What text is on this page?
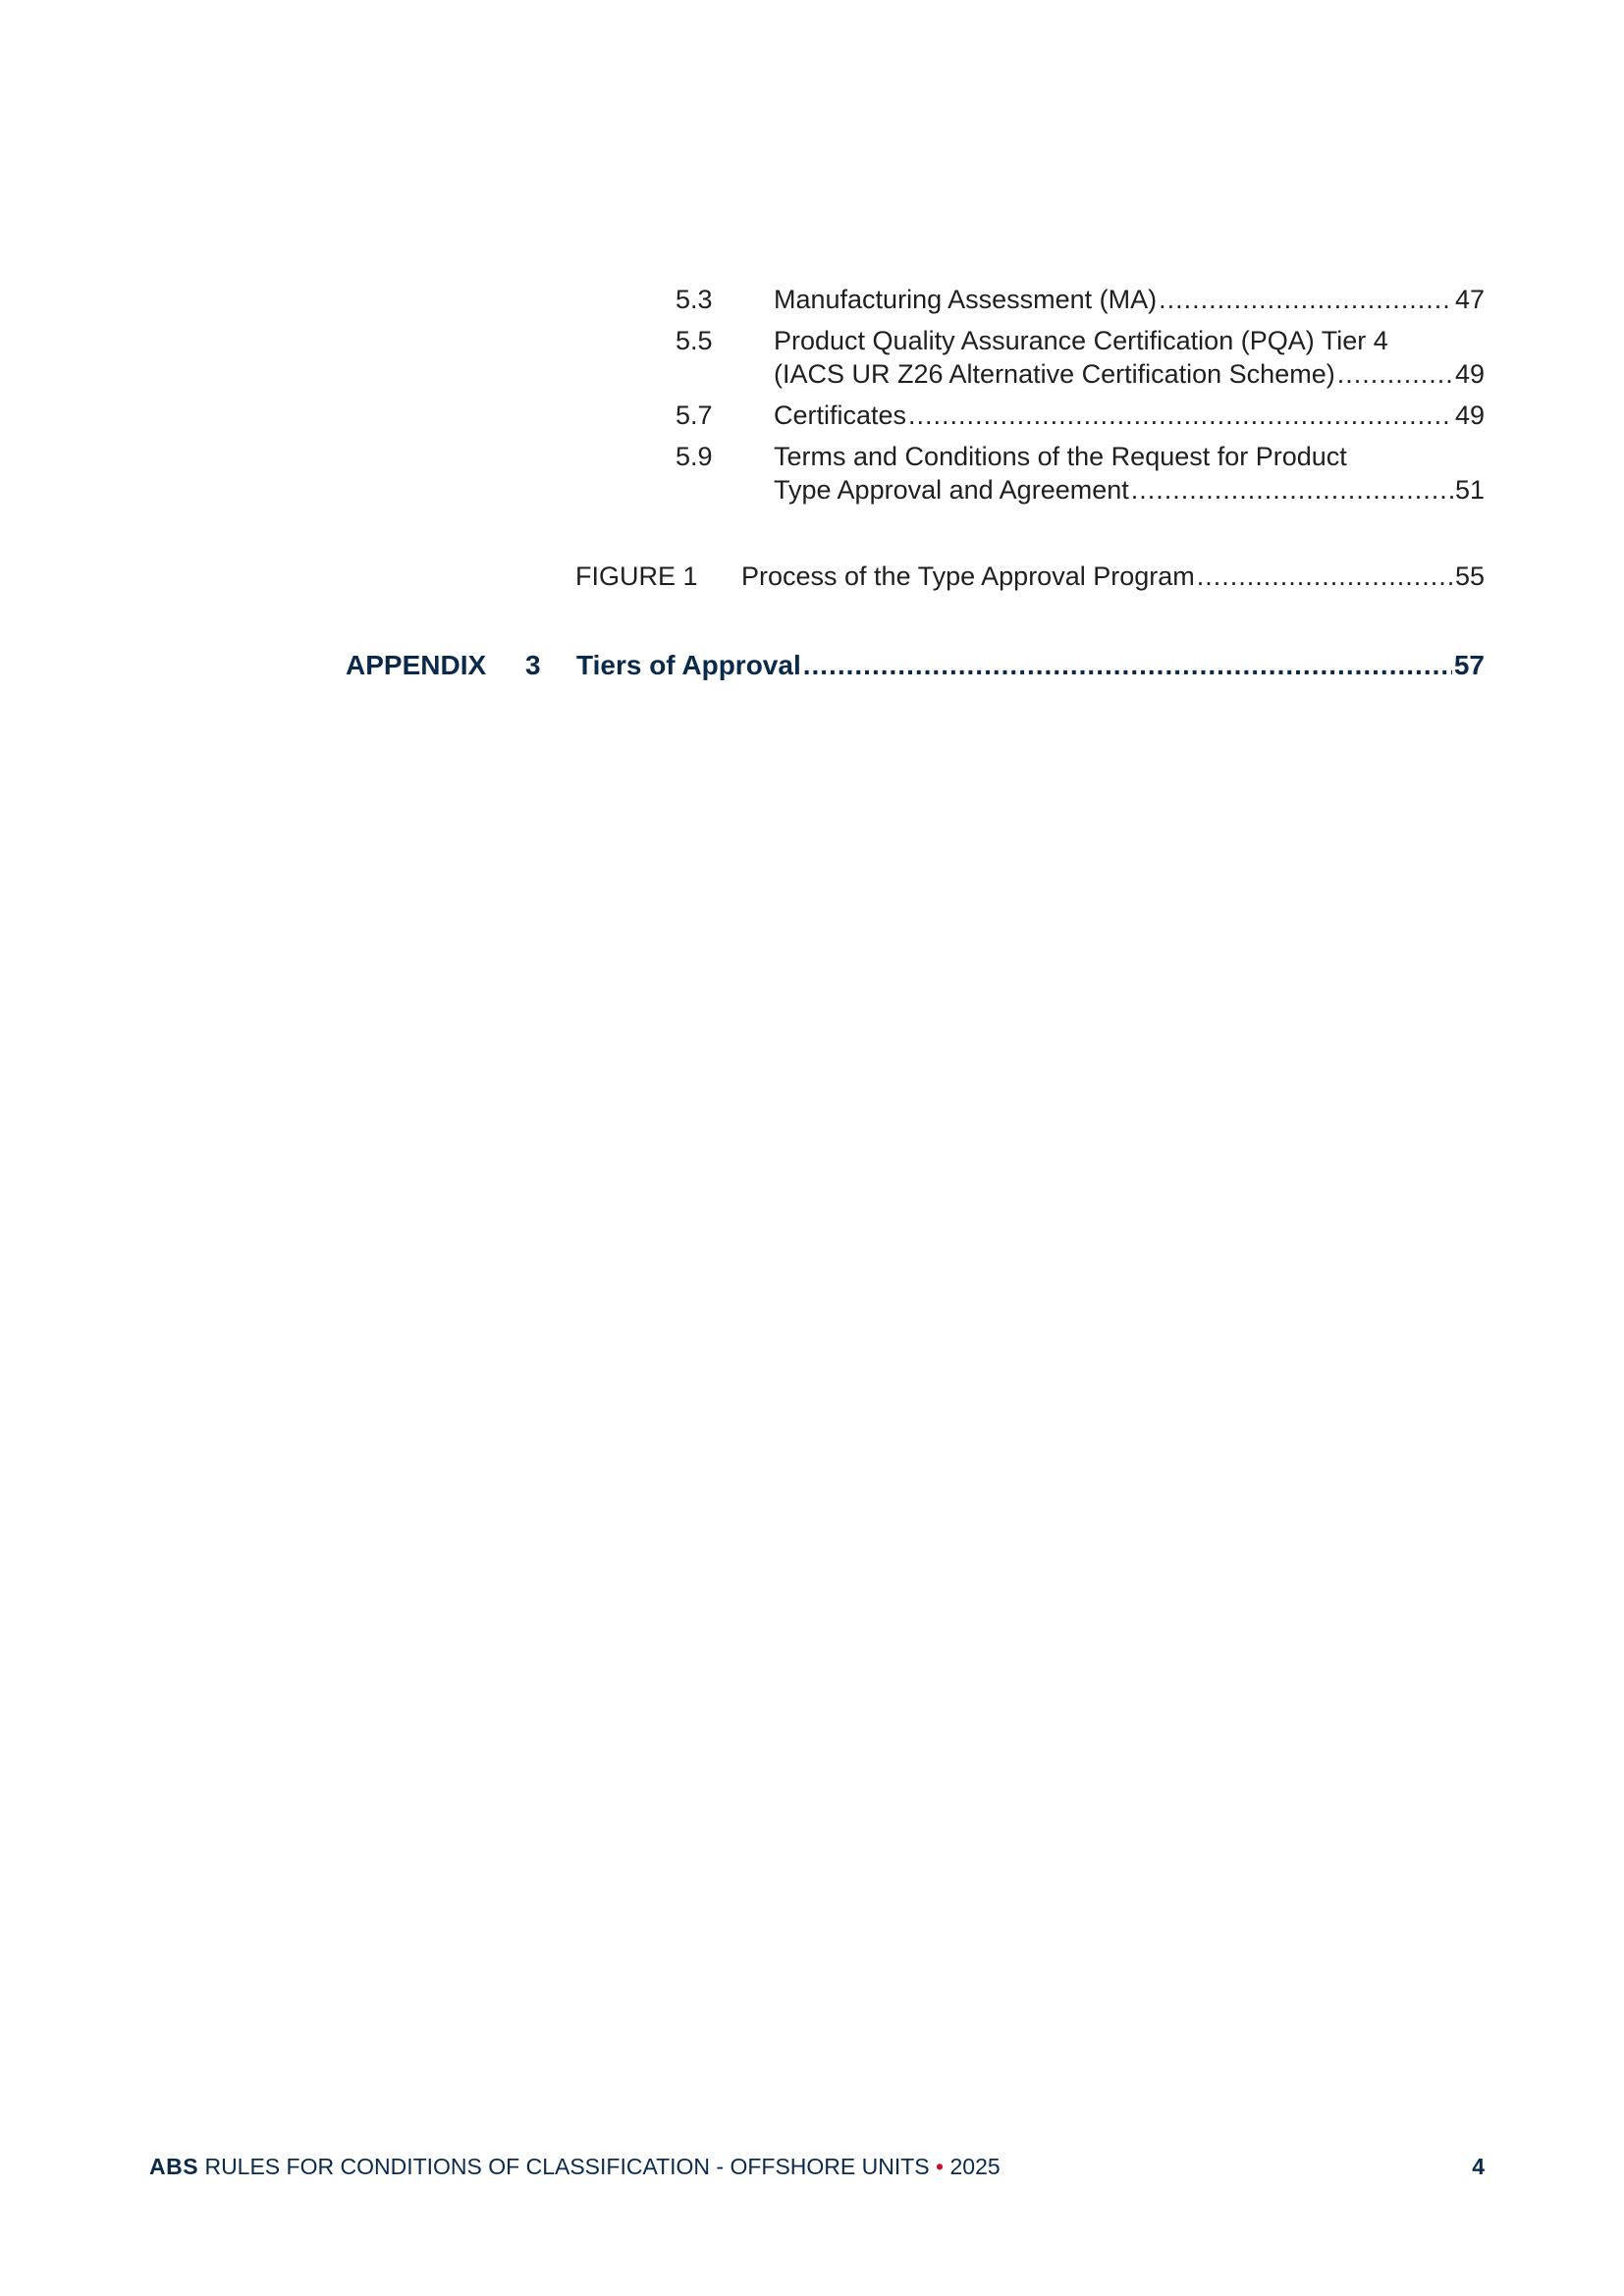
5.3 Manufacturing Assessment (MA) .....	47
5.5 Product Quality Assurance Certification (PQA) Tier 4
(IACS UR Z26 Alternative Certification Scheme) .....	49
5.7 Certificates .....	49
5.9 Terms and Conditions of the Request for Product
Type Approval and Agreement .....	51
FIGURE 1 Process of the Type Approval Program .....	55
APPENDIX 3 Tiers of Approval .....	57
ABS RULES FOR CONDITIONS OF CLASSIFICATION - OFFSHORE UNITS • 2025	4
